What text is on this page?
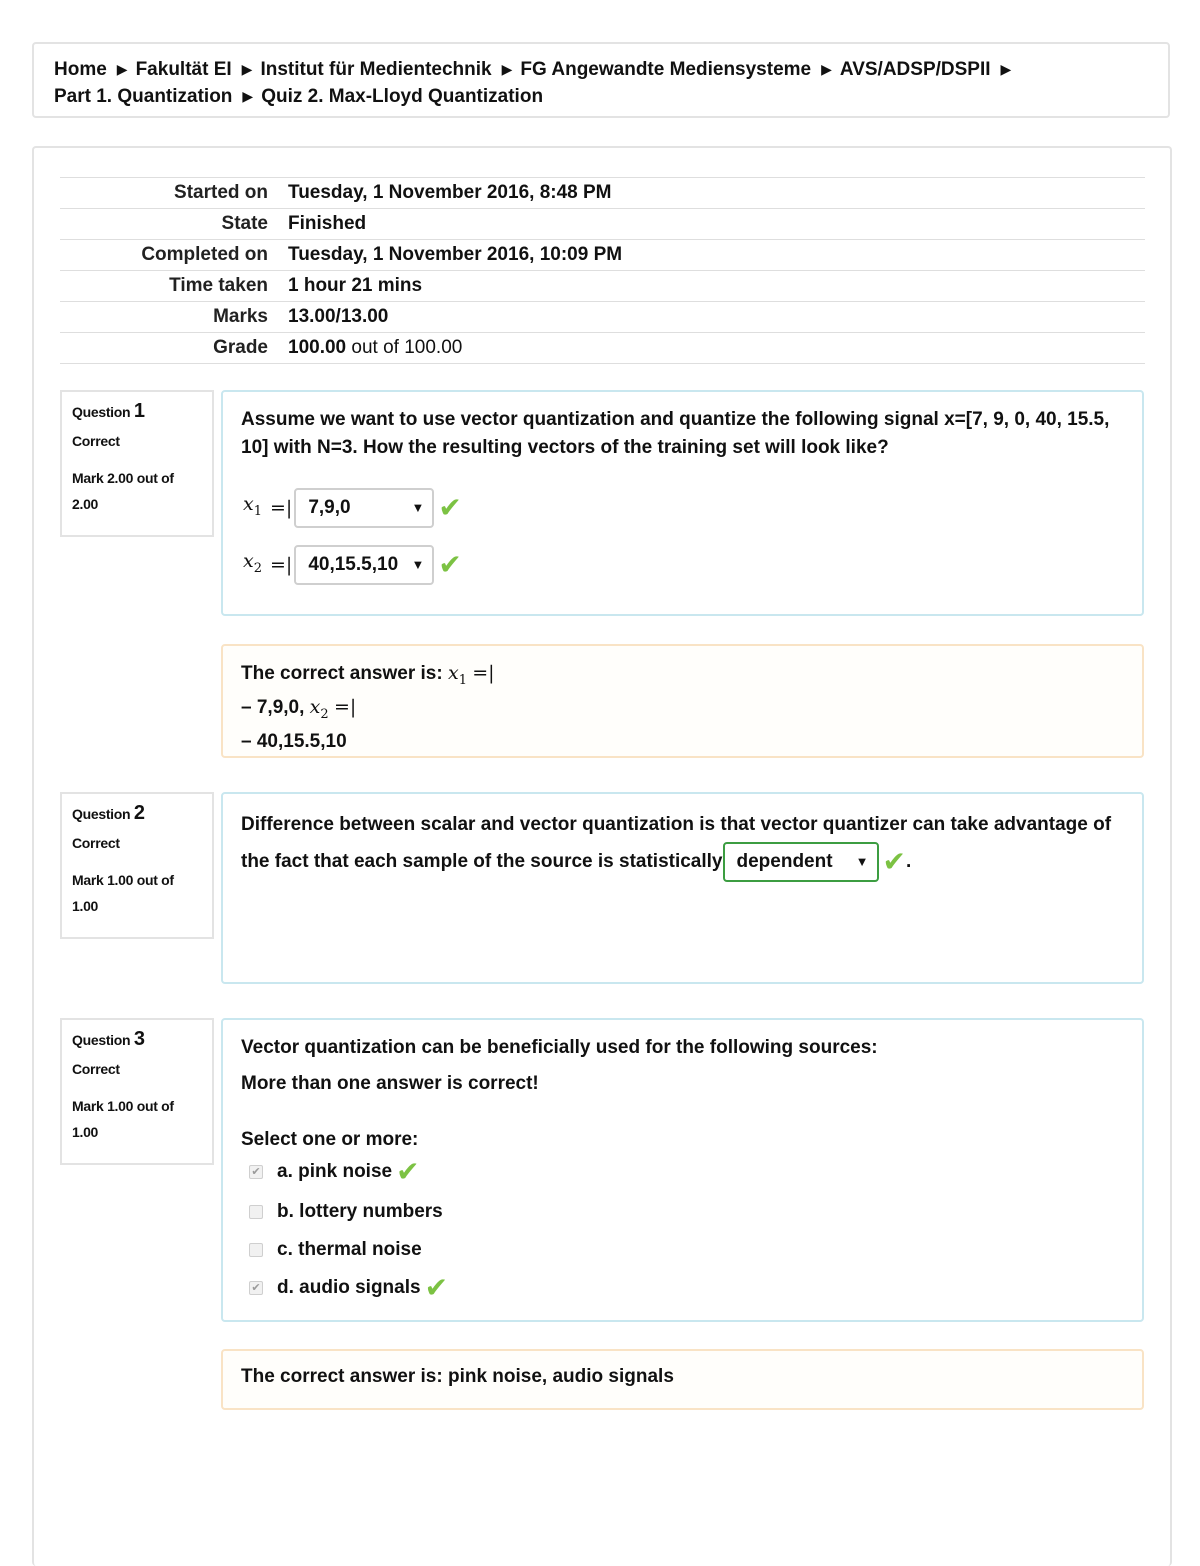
Home ▶ Fakultät EI ▶ Institut für Medientechnik ▶ FG Angewandte Mediensysteme ▶ AVS/ADSP/DSPII ▶
Part 1. Quantization ▶ Quiz 2. Max-Lloyd Quantization
Started on	Tuesday, 1 November 2016, 8:48 PM
State	Finished
Completed on	Tuesday, 1 November 2016, 10:09 PM
Time taken	1 hour 21 mins
Marks	13.00/13.00
Grade	100.00 out of 100.00
Question 1
Correct
Mark 2.00 out of 2.00
Assume we want to use vector quantization and quantize the following signal x=[7, 9, 0, 40, 15.5, 10] with N=3. How the resulting vectors of the training set will look like?
$x_1$ =| 7,9,0	▼ ✔
$x_2$ =| 40,15.5,10 ▼ ✔
The correct answer is: $x_1$ =|
– 7,9,0, $x_2$ =|
– 40,15.5,10
Question 2
Correct
Mark 1.00 out of 1.00
Difference between scalar and vector quantization is that vector quantizer can take advantage of
the fact that each sample of the source is statistically dependent ▼ ✔ .
Question 3
Correct
Mark 1.00 out of 1.00
Vector quantization can be beneficially used for the following sources:
More than one answer is correct!
Select one or more:
✔ a. pink noise ✔
b. lottery numbers
c. thermal noise
✔ d. audio signals ✔
The correct answer is: pink noise, audio signals
